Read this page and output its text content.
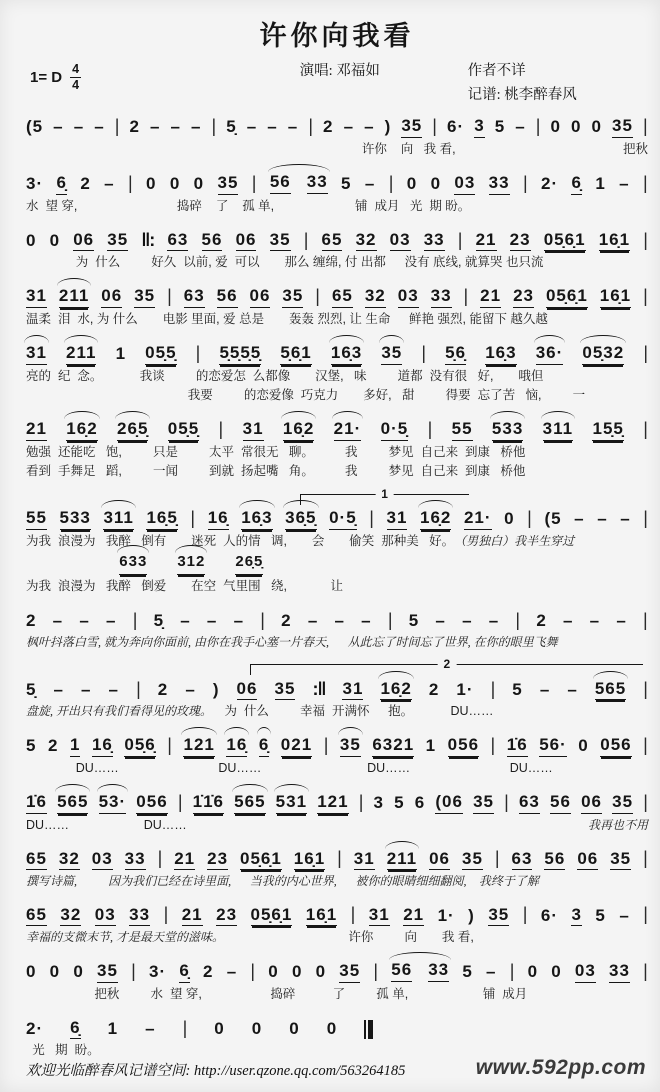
许你向我看
1= D $\frac{4}{4}$	演唱: 邓福如	作者不详
记谱: 桃李醉春风
(5 – – – | 2 – – – | 5̣ – – – | 2 – – ) 35 | 6· 3 5 – | 0 0 0 35 |
许你    向   我 看,	把秋
3· 6̣ 2 – | 0 0 0 35 | 56 33 5 – | 0 0 03 33 | 2· 6̣ 1 – |
水  望 穿,	捣碎    了    孤 单,	铺  成月   光  期 盼。
0 0 06 35 ‖: 63 56 06 35 | 65 32 03 33 | 21 23 05̣6̣1 16̣1 |
为  什么 好久  以前, 爱  可以 那么 缠绵, 付 出都 没有 底线, 就算哭 也只流
31 211 06 35 | 63 56 06 35 | 65 32 03 33 | 21 23 05̣6̣1 16̣1 |
温柔  泪  水, 为 什么 电影 里面, 爱 总是 轰轰 烈烈, 让 生命 鲜艳 强烈, 能留下 越久越
31 211 1 05̣5̣ | 5̣5̣5̣5̣ 5̣6̣1 16̣3 35 | 5̣6̣ 16̣3 36· 05̣32 |
亮的  纪  念。	我谈 的恋爱怎  么都像 汉堡,   味 道都  没有很   好, 哦但
我要 的恋爱像  巧克力 多好,   甜 得要  忘了苦   恼, 一
21 16̣2 26̣5̣ 05̣5̣ | 31 16̣2 21· 0·5̣ | 55 533 311 15̣5̣ |
勉强  还能吃   饱, 只是 太平  常很无   聊。 我 梦见  自己来  到康   桥他
看到  手舞足   蹈, 一闻 到就  扬起嘴   角。 我 梦见  自己来  到康   桥他
1
55 533 311 16̣5̣ | 16̣ 16̣3 36̣5̣ 0·5̣ | 31 16̣2 21· 0 | (5 – – – |
为我  浪漫为   我醉   倒有 迷死  人的情   调, 会 偷笑  那种美   好。 （男独白）我半生穿过
633 312 26̣5̣
为我  浪漫为   我醉   倒爱 在空  气里围   绕,	让
2 – – – | 5̣ – – – | 2 – – – | 5 – – – | 2 – – – |
枫叶抖落白雪, 就为奔向你面前, 由你在我手心塞一片春天, 从此忘了时间忘了世界, 在你的眼里飞舞
2
5̣ – – – | 2 – ) 06 35 :‖ 31 16̣2 2 1· | 5 – – 565 |
盘旋, 开出只有我们看得见的玫瑰。 为  什么 幸福  开满怀 抱。	DU……
5 2 1 16̣ 05̣6̣ | 121 16̣ 6̣ 021 | 35 6321 1 056 | 1̇6 56· 0 056 |
DU……	DU……	DU……	DU……
1̇6 565 53· 056 | 1̇1̇6 565 531 121 | 3 5 6 (06 35 | 63 56 06 35 |
DU……	DU……	我再也不用
65 32 03 33 | 21 23 05̣6̣1 16̣1 | 31 211 06 35 | 63 56 06 35 |
撰写诗篇,	因为我们已经在诗里面, 当我的内心世界, 被你的眼睛细细翻阅, 我终于了解
65 32 03 33 | 21 23 05̣6̣1 16̣1 | 31 21 1· ) 35 | 6· 3 5 – |
幸福的支微末节, 才是最天堂的滋味。	许你 向 我 看,
0 0 0 35 | 3· 6̣ 2 – | 0 0 0 35 | 56 33 5 – | 0 0 03 33 |
把秋 水  望 穿,	捣碎	了 孤 单,	铺  成月
2· 6̣ 1 – | 0 0 0 0
光   期  盼。
欢迎光临醉春风记谱空间: http://user.qzone.qq.com/563264185	www.592pp.com
